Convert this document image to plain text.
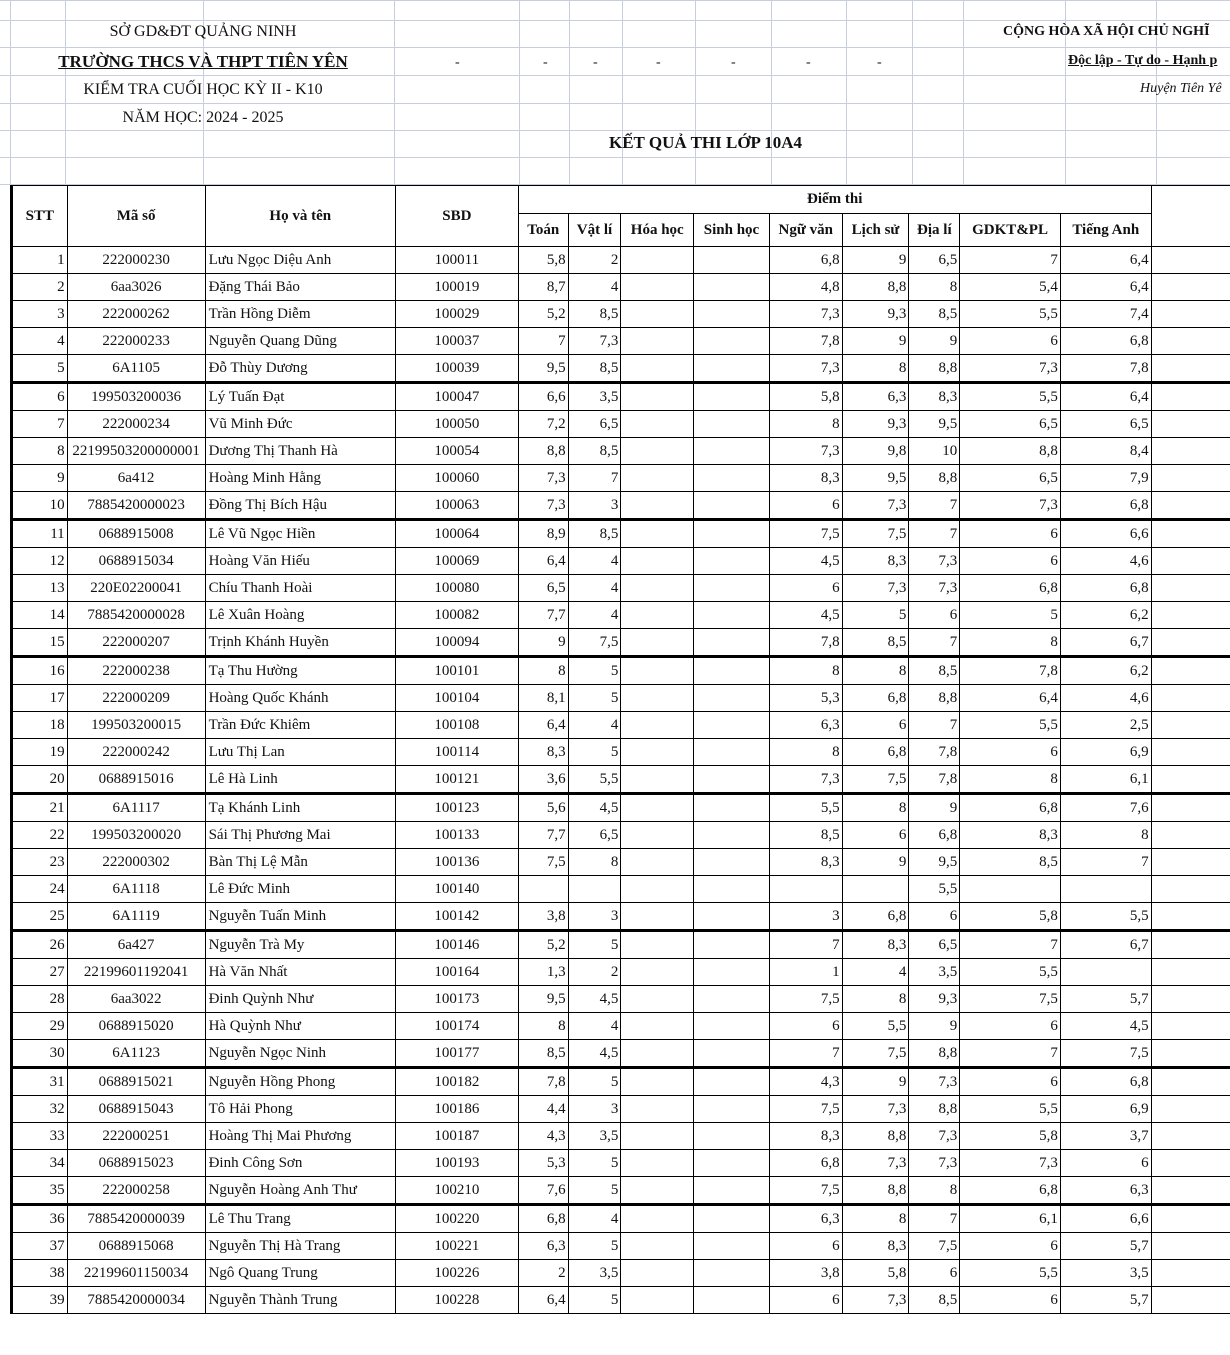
SỞ GD&ĐT QUẢNG NINH
TRƯỜNG THCS VÀ THPT TIÊN YÊN
KIỂM TRA CUỐI HỌC KỲ II - K10
NĂM HỌC: 2024 - 2025
-	-	-	-	-	-	-
CỘNG HÒA XÃ HỘI CHỦ NGHĨ
Độc lập - Tự do - Hạnh p
Huyện Tiên Yê
KẾT QUẢ THI LỚP 10A4
STT	Mã số	Họ và tên	SBD	Điểm thi									
				Toán	Vật lí	Hóa học	Sinh học	Ngữ văn	Lịch sử	Địa lí	GDKT&PL	Tiếng Anh	
1	222000230	Lưu Ngọc Diệu Anh	100011	5,8	2			6,8	9	6,5	7	6,4	
2	6aa3026	Đặng Thái Bảo	100019	8,7	4			4,8	8,8	8	5,4	6,4	
3	222000262	Trần Hồng Diễm	100029	5,2	8,5			7,3	9,3	8,5	5,5	7,4	
4	222000233	Nguyễn Quang Dũng	100037	7	7,3			7,8	9	9	6	6,8	
5	6A1105	Đỗ Thùy Dương	100039	9,5	8,5			7,3	8	8,8	7,3	7,8	
6	199503200036	Lý Tuấn Đạt	100047	6,6	3,5			5,8	6,3	8,3	5,5	6,4	
7	222000234	Vũ Minh Đức	100050	7,2	6,5			8	9,3	9,5	6,5	6,5	
8	22199503200000001	Dương Thị Thanh Hà	100054	8,8	8,5			7,3	9,8	10	8,8	8,4	
9	6a412	Hoàng Minh Hằng	100060	7,3	7			8,3	9,5	8,8	6,5	7,9	
10	7885420000023	Đồng Thị Bích Hậu	100063	7,3	3			6	7,3	7	7,3	6,8	
11	0688915008	Lê Vũ Ngọc Hiền	100064	8,9	8,5			7,5	7,5	7	6	6,6	
12	0688915034	Hoàng Văn Hiếu	100069	6,4	4			4,5	8,3	7,3	6	4,6	
13	220E02200041	Chíu Thanh Hoài	100080	6,5	4			6	7,3	7,3	6,8	6,8	
14	7885420000028	Lê Xuân Hoàng	100082	7,7	4			4,5	5	6	5	6,2	
15	222000207	Trịnh Khánh Huyền	100094	9	7,5			7,8	8,5	7	8	6,7	
16	222000238	Tạ Thu Hường	100101	8	5			8	8	8,5	7,8	6,2	
17	222000209	Hoàng Quốc Khánh	100104	8,1	5			5,3	6,8	8,8	6,4	4,6	
18	199503200015	Trần Đức Khiêm	100108	6,4	4			6,3	6	7	5,5	2,5	
19	222000242	Lưu Thị Lan	100114	8,3	5			8	6,8	7,8	6	6,9	
20	0688915016	Lê Hà Linh	100121	3,6	5,5			7,3	7,5	7,8	8	6,1	
21	6A1117	Tạ Khánh Linh	100123	5,6	4,5			5,5	8	9	6,8	7,6	
22	199503200020	Sái Thị Phương Mai	100133	7,7	6,5			8,5	6	6,8	8,3	8	
23	222000302	Bàn Thị Lệ Mẫn	100136	7,5	8			8,3	9	9,5	8,5	7	
24	6A1118	Lê Đức Minh	100140							5,5			
25	6A1119	Nguyễn Tuấn Minh	100142	3,8	3			3	6,8	6	5,8	5,5	
26	6a427	Nguyễn Trà My	100146	5,2	5			7	8,3	6,5	7	6,7	
27	22199601192041	Hà Văn Nhất	100164	1,3	2			1	4	3,5	5,5		
28	6aa3022	Đinh Quỳnh Như	100173	9,5	4,5			7,5	8	9,3	7,5	5,7	
29	0688915020	Hà Quỳnh Như	100174	8	4			6	5,5	9	6	4,5	
30	6A1123	Nguyễn Ngọc Ninh	100177	8,5	4,5			7	7,5	8,8	7	7,5	
31	0688915021	Nguyễn Hồng Phong	100182	7,8	5			4,3	9	7,3	6	6,8	
32	0688915043	Tô Hải Phong	100186	4,4	3			7,5	7,3	8,8	5,5	6,9	
33	222000251	Hoàng Thị Mai Phương	100187	4,3	3,5			8,3	8,8	7,3	5,8	3,7	
34	0688915023	Đinh Công Sơn	100193	5,3	5			6,8	7,3	7,3	7,3	6	
35	222000258	Nguyễn Hoàng Anh Thư	100210	7,6	5			7,5	8,8	8	6,8	6,3	
36	7885420000039	Lê Thu Trang	100220	6,8	4			6,3	8	7	6,1	6,6	
37	0688915068	Nguyễn Thị Hà Trang	100221	6,3	5			6	8,3	7,5	6	5,7	
38	22199601150034	Ngô Quang Trung	100226	2	3,5			3,8	5,8	6	5,5	3,5	
39	7885420000034	Nguyễn Thành Trung	100228	6,4	5			6	7,3	8,5	6	5,7	
